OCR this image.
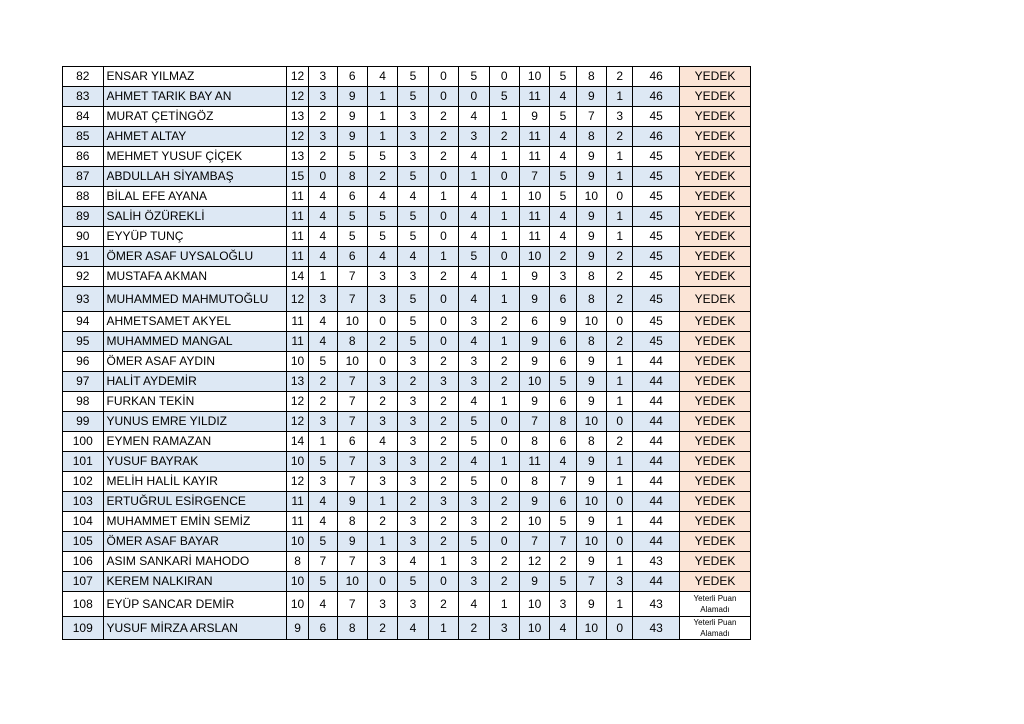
82	ENSAR YILMAZ	12	3	6	4	5	0	5	0	10	5	8	2	46	YEDEK
83	AHMET TARIK BAY AN	12	3	9	1	5	0	0	5	11	4	9	1	46	YEDEK
84	MURAT ÇETİNGÖZ	13	2	9	1	3	2	4	1	9	5	7	3	45	YEDEK
85	AHMET ALTAY	12	3	9	1	3	2	3	2	11	4	8	2	46	YEDEK
86	MEHMET YUSUF ÇİÇEK	13	2	5	5	3	2	4	1	11	4	9	1	45	YEDEK
87	ABDULLAH SİYAMBAŞ	15	0	8	2	5	0	1	0	7	5	9	1	45	YEDEK
88	BİLAL EFE AYANA	11	4	6	4	4	1	4	1	10	5	10	0	45	YEDEK
89	SALİH ÖZÜREKLİ	11	4	5	5	5	0	4	1	11	4	9	1	45	YEDEK
90	EYYÜP TUNÇ	11	4	5	5	5	0	4	1	11	4	9	1	45	YEDEK
91	ÖMER ASAF UYSALOĞLU	11	4	6	4	4	1	5	0	10	2	9	2	45	YEDEK
92	MUSTAFA AKMAN	14	1	7	3	3	2	4	1	9	3	8	2	45	YEDEK
93	MUHAMMED MAHMUTOĞLU	12	3	7	3	5	0	4	1	9	6	8	2	45	YEDEK
94	AHMETSAMET AKYEL	11	4	10	0	5	0	3	2	6	9	10	0	45	YEDEK
95	MUHAMMED MANGAL	11	4	8	2	5	0	4	1	9	6	8	2	45	YEDEK
96	ÖMER ASAF AYDIN	10	5	10	0	3	2	3	2	9	6	9	1	44	YEDEK
97	HALİT AYDEMİR	13	2	7	3	2	3	3	2	10	5	9	1	44	YEDEK
98	FURKAN TEKİN	12	2	7	2	3	2	4	1	9	6	9	1	44	YEDEK
99	YUNUS EMRE YILDIZ	12	3	7	3	3	2	5	0	7	8	10	0	44	YEDEK
100	EYMEN RAMAZAN	14	1	6	4	3	2	5	0	8	6	8	2	44	YEDEK
101	YUSUF BAYRAK	10	5	7	3	3	2	4	1	11	4	9	1	44	YEDEK
102	MELİH HALİL KAYIR	12	3	7	3	3	2	5	0	8	7	9	1	44	YEDEK
103	ERTUĞRUL ESİRGENCE	11	4	9	1	2	3	3	2	9	6	10	0	44	YEDEK
104	MUHAMMET EMİN SEMİZ	11	4	8	2	3	2	3	2	10	5	9	1	44	YEDEK
105	ÖMER ASAF BAYAR	10	5	9	1	3	2	5	0	7	7	10	0	44	YEDEK
106	ASIM SANKARİ MAHODO	8	7	7	3	4	1	3	2	12	2	9	1	43	YEDEK
107	KEREM NALKIRAN	10	5	10	0	5	0	3	2	9	5	7	3	44	YEDEK
108	EYÜP SANCAR DEMİR	10	4	7	3	3	2	4	1	10	3	9	1	43	Yeterli Puan Alamadı
109	YUSUF MİRZA ARSLAN	9	6	8	2	4	1	2	3	10	4	10	0	43	Yeterli Puan Alamadı
